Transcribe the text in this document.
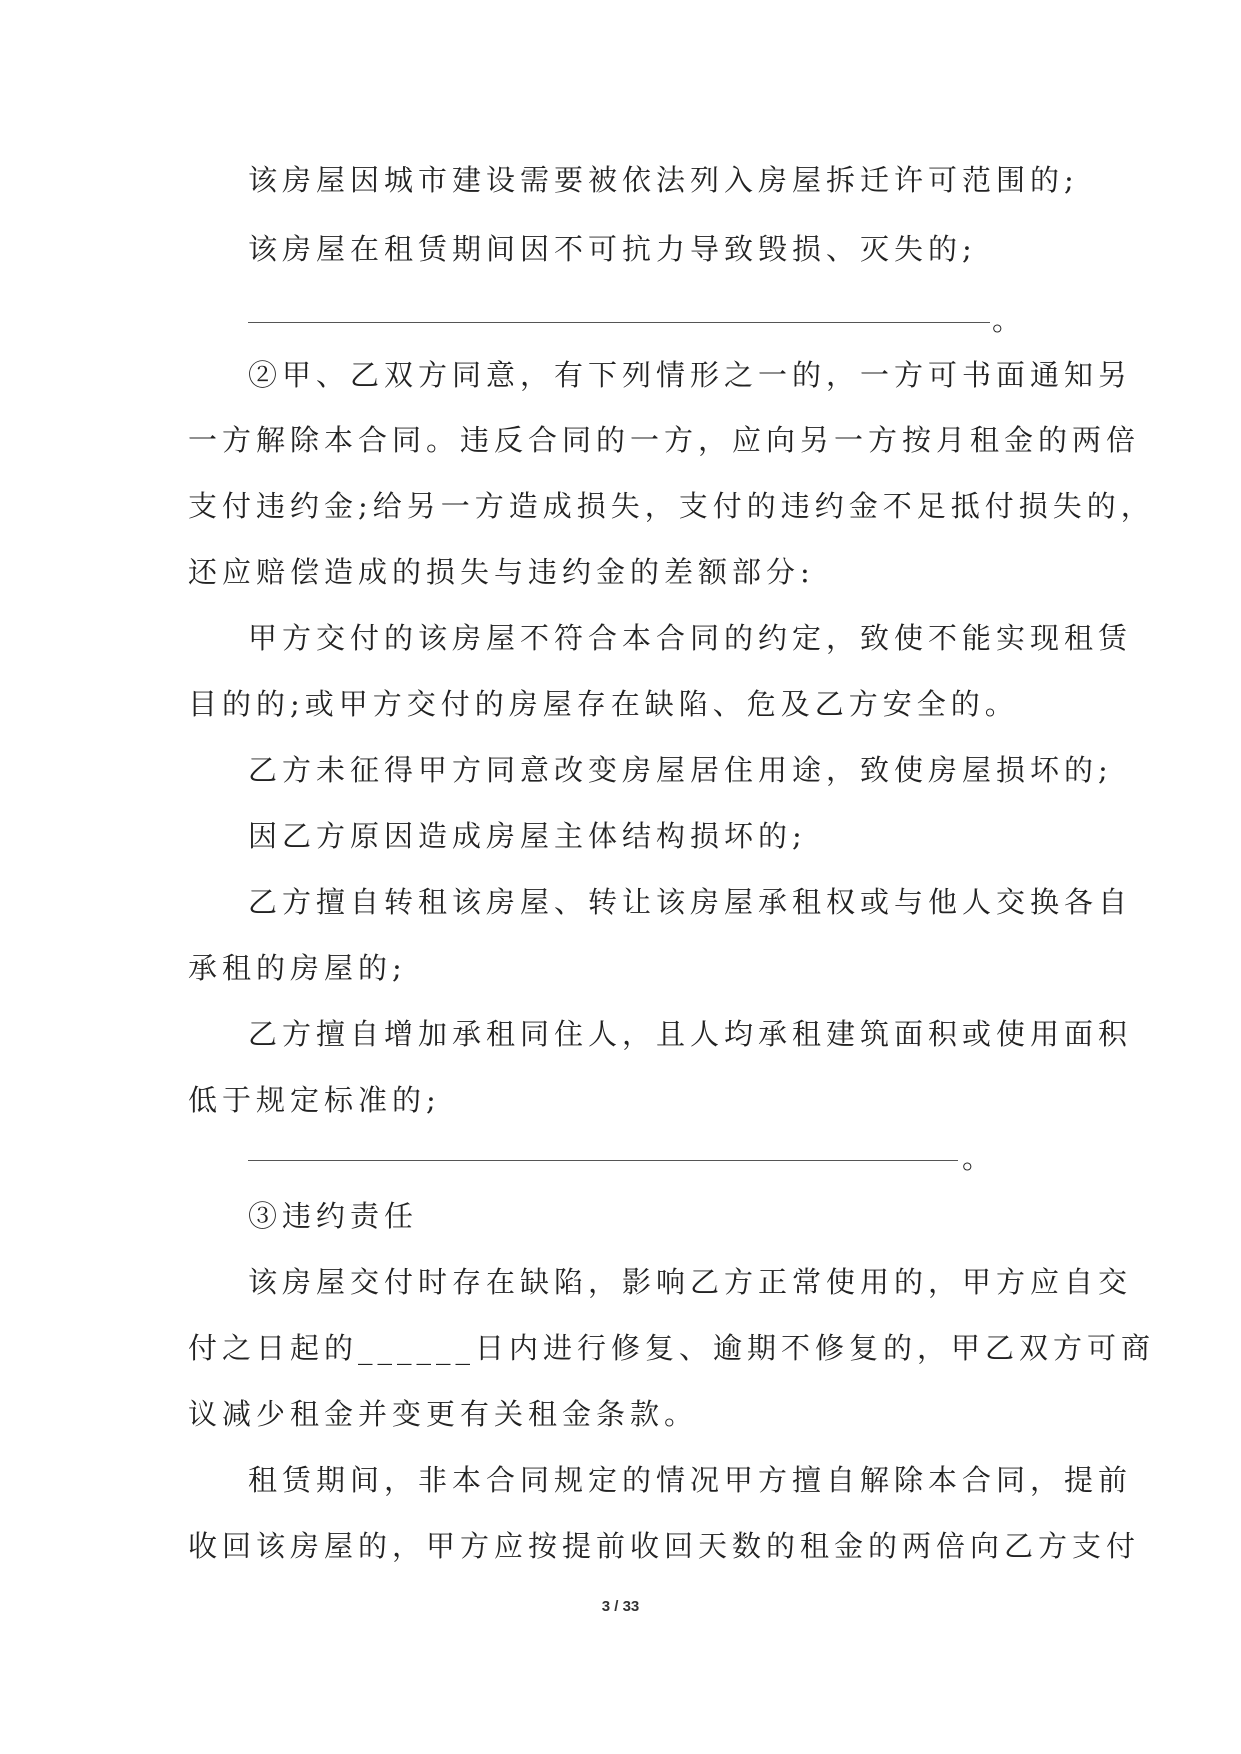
该房屋因城市建设需要被依法列入房屋拆迁许可范围的;
该房屋在租赁期间因不可抗力导致毁损、灭失的;
。
②甲、乙双方同意，有下列情形之一的，一方可书面通知另
一方解除本合同。违反合同的一方，应向另一方按月租金的两倍
支付违约金;给另一方造成损失，支付的违约金不足抵付损失的，
还应赔偿造成的损失与违约金的差额部分:
甲方交付的该房屋不符合本合同的约定，致使不能实现租赁
目的的;或甲方交付的房屋存在缺陷、危及乙方安全的。
乙方未征得甲方同意改变房屋居住用途，致使房屋损坏的;
因乙方原因造成房屋主体结构损坏的;
乙方擅自转租该房屋、转让该房屋承租权或与他人交换各自
承租的房屋的;
乙方擅自增加承租同住人，且人均承租建筑面积或使用面积
低于规定标准的;
。
③违约责任
该房屋交付时存在缺陷，影响乙方正常使用的，甲方应自交
付之日起的______日内进行修复、逾期不修复的，甲乙双方可商
议减少租金并变更有关租金条款。
租赁期间，非本合同规定的情况甲方擅自解除本合同，提前
收回该房屋的，甲方应按提前收回天数的租金的两倍向乙方支付
3 / 33
